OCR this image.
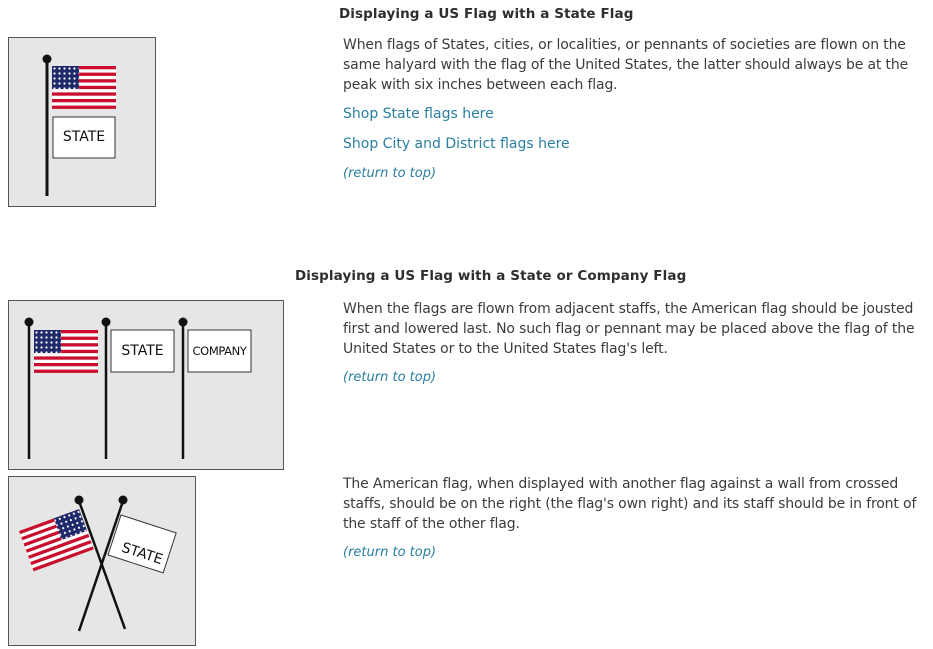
Displaying a US Flag with a State Flag
STATE

When flags of States, cities, or localities, or pennants of societies are flown on the same halyard with the flag of the United States, the latter should always be at the peak with six inches between each flag.

Shop State flags here
Shop City and District flags here
(return to top)
Displaying a US Flag with a State or Company Flag
STATE	COMPANY

When the flags are flown from adjacent staffs, the American flag should be jousted first and lowered last. No such flag or pennant may be placed above the flag of the United States or to the United States flag's left.

(return to top)
STATE

The American flag, when displayed with another flag against a wall from crossed staffs, should be on the right (the flag's own right) and its staff should be in front of the staff of the other flag.

(return to top)
